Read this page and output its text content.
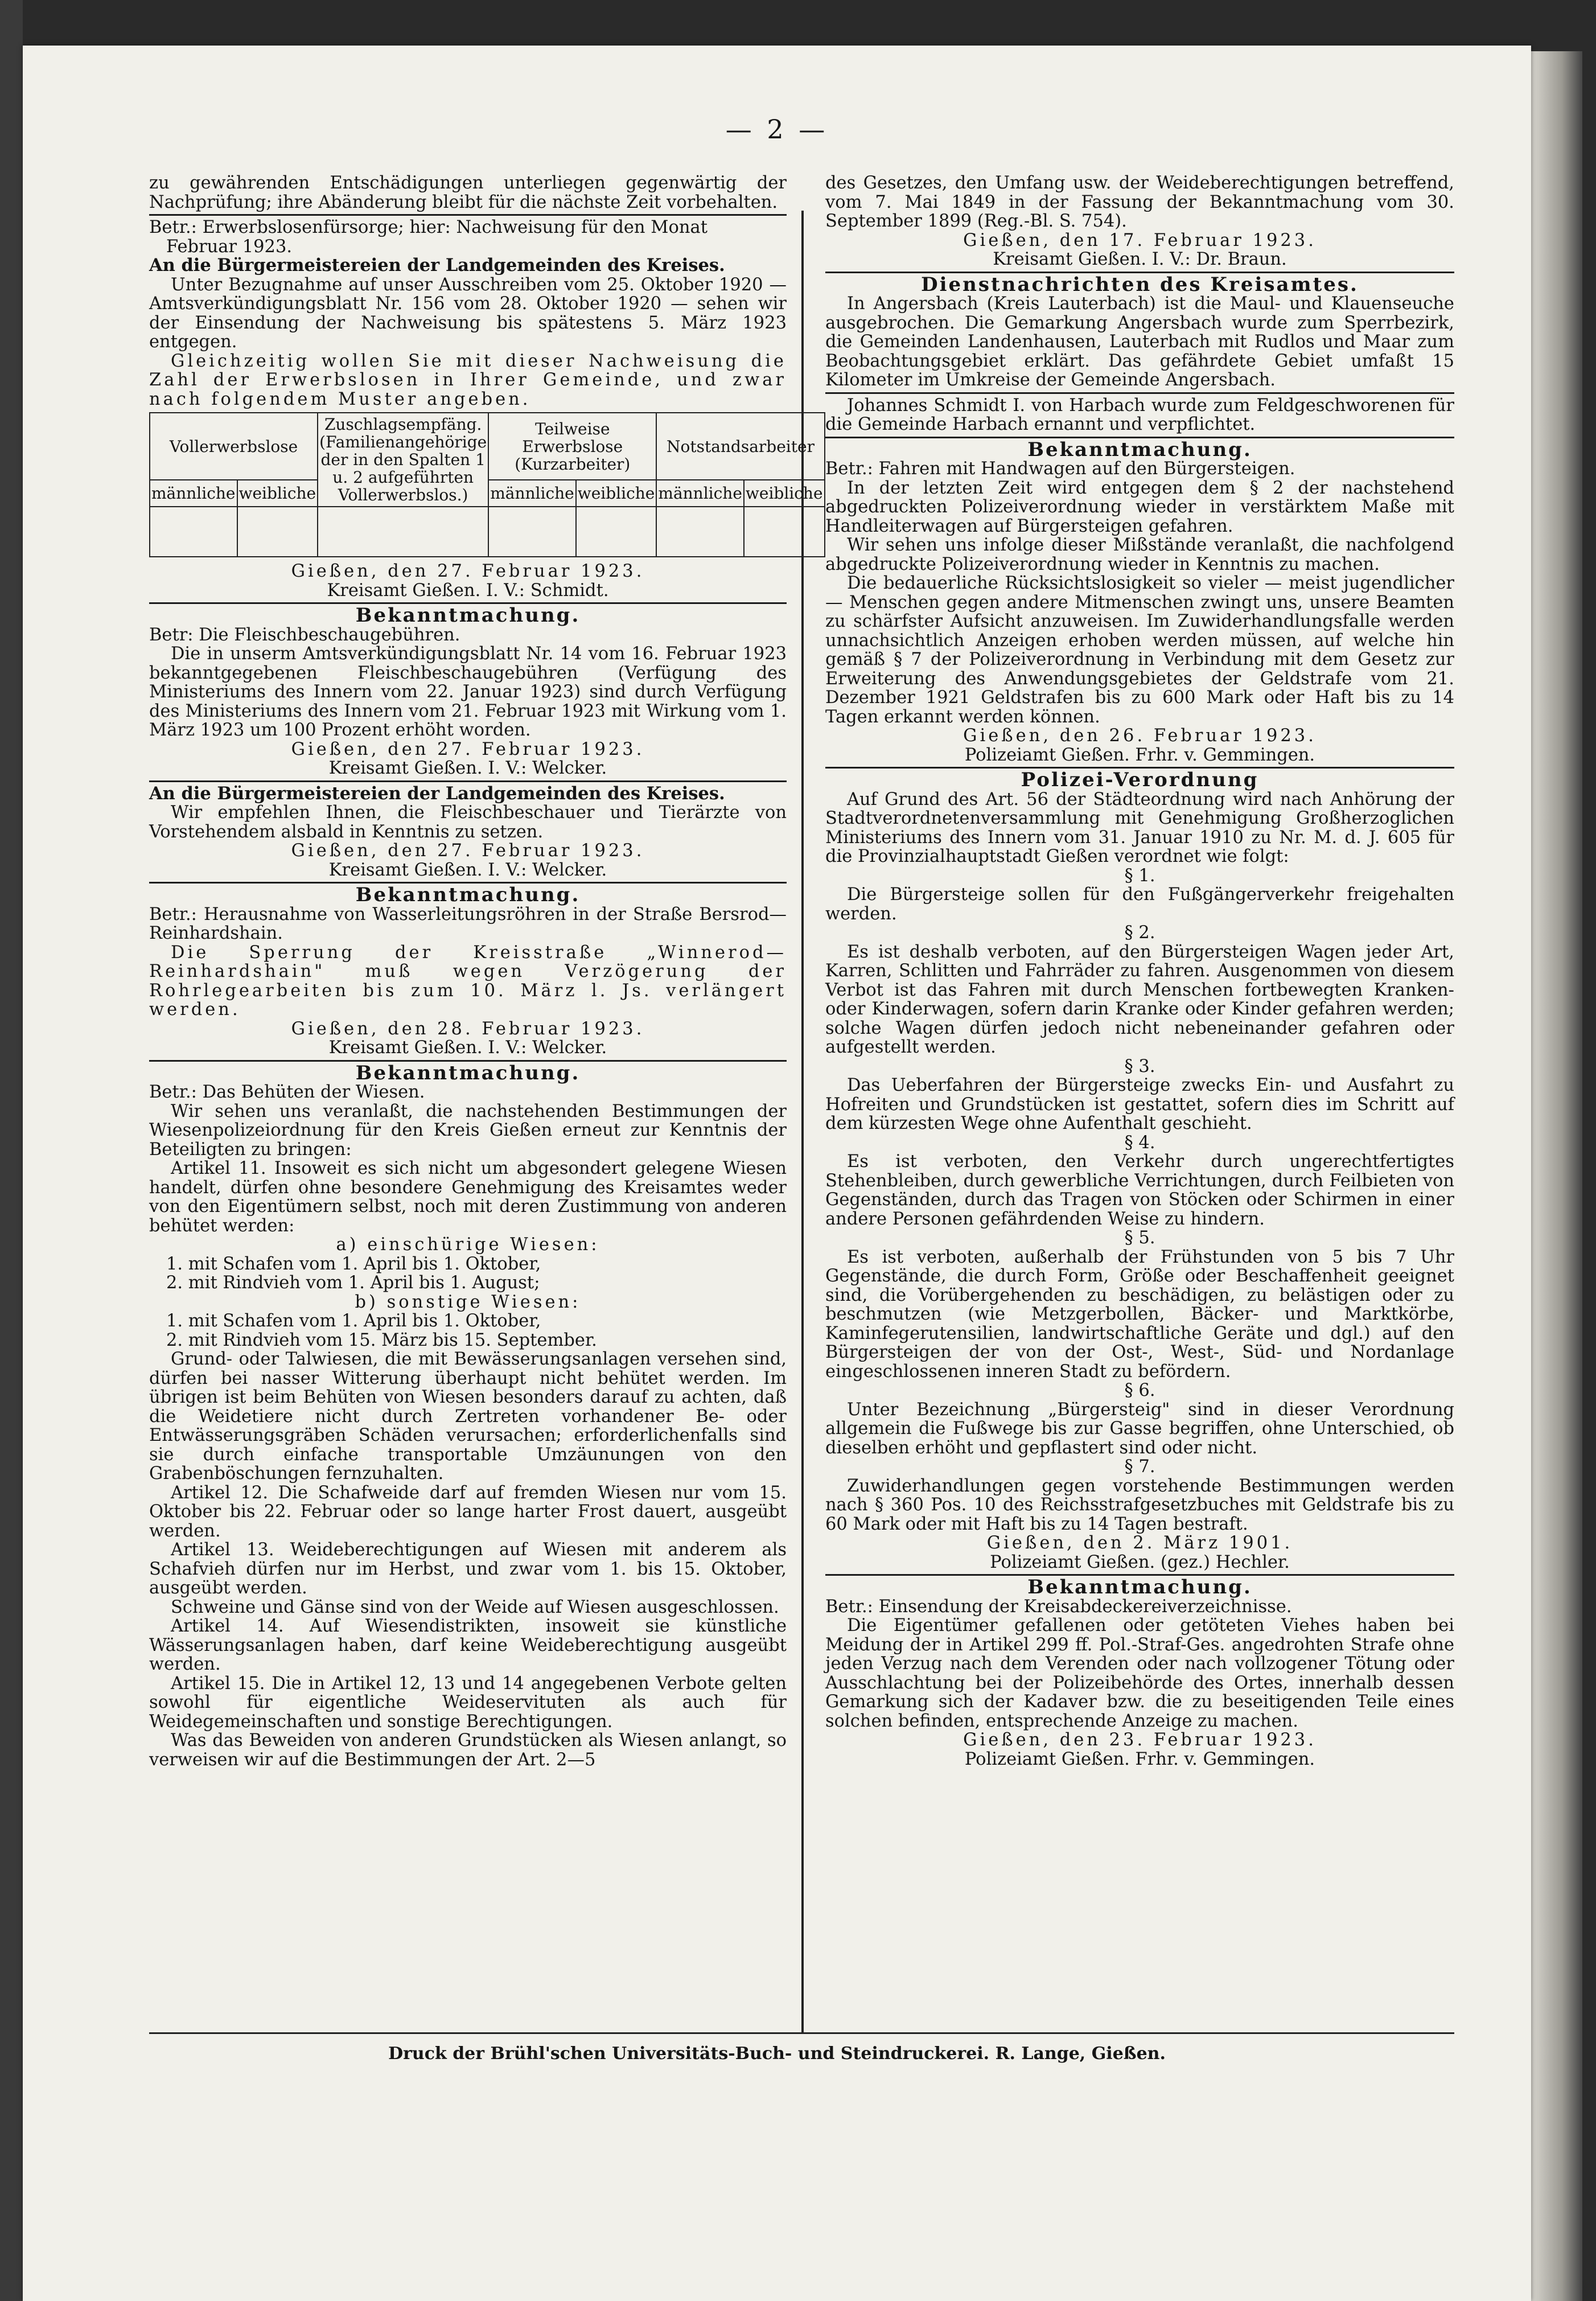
— 2 —
zu gewährenden Entschädigungen unterliegen gegenwärtig der Nachprüfung; ihre Abänderung bleibt für die nächste Zeit vorbehalten.
Betr.: Erwerbslosenfürsorge; hier: Nachweisung für den Monat
Februar 1923.
An die Bürgermeistereien der Landgemeinden des Kreises.
Unter Bezugnahme auf unser Ausschreiben vom 25. Oktober 1920 — Amtsverkündigungsblatt Nr. 156 vom 28. Oktober 1920 — sehen wir der Einsendung der Nachweisung bis spätestens 5. März 1923 entgegen.
Gleichzeitig wollen Sie mit dieser Nachweisung die Zahl der Erwerbslosen in Ihrer Gemeinde, und zwar nach folgendem Muster angeben.
Vollerwerbslose		Zuschlagsempfäng. (Familienangehörige der in den Spalten 1 u. 2 aufgeführten Vollerwerbslos.)	Teilweise Erwerbslose (Kurzarbeiter)		Notstandsarbeiter	
männliche	weibliche		männliche	weibliche	männliche	weibliche

Gießen, den 27. Februar 1923.
Kreisamt Gießen. I. V.: Schmidt.
Bekanntmachung.
Betr: Die Fleischbeschaugebühren.
Die in unserm Amtsverkündigungsblatt Nr. 14 vom 16. Februar 1923 bekanntgegebenen Fleischbeschaugebühren (Verfügung des Ministeriums des Innern vom 22. Januar 1923) sind durch Verfügung des Ministeriums des Innern vom 21. Februar 1923 mit Wirkung vom 1. März 1923 um 100 Prozent erhöht worden.
Gießen, den 27. Februar 1923.
Kreisamt Gießen. I. V.: Welcker.
An die Bürgermeistereien der Landgemeinden des Kreises.
Wir empfehlen Ihnen, die Fleischbeschauer und Tierärzte von Vorstehendem alsbald in Kenntnis zu setzen.
Gießen, den 27. Februar 1923.
Kreisamt Gießen. I. V.: Welcker.
Bekanntmachung.
Betr.: Herausnahme von Wasserleitungsröhren in der Straße Bersrod—Reinhardshain.
Die Sperrung der Kreisstraße „Winnerod—Reinhardshain" muß wegen Verzögerung der Rohrlegearbeiten bis zum 10. März l. Js. verlängert werden.
Gießen, den 28. Februar 1923.
Kreisamt Gießen. I. V.: Welcker.
Bekanntmachung.
Betr.: Das Behüten der Wiesen.
Wir sehen uns veranlaßt, die nachstehenden Bestimmungen der Wiesenpolizeiordnung für den Kreis Gießen erneut zur Kenntnis der Beteiligten zu bringen:
Artikel 11. Insoweit es sich nicht um abgesondert gelegene Wiesen handelt, dürfen ohne besondere Genehmigung des Kreisamtes weder von den Eigentümern selbst, noch mit deren Zustimmung von anderen behütet werden:
a) einschürige Wiesen:
1. mit Schafen vom 1. April bis 1. Oktober,
2. mit Rindvieh vom 1. April bis 1. August;
b) sonstige Wiesen:
1. mit Schafen vom 1. April bis 1. Oktober,
2. mit Rindvieh vom 15. März bis 15. September.
Grund- oder Talwiesen, die mit Bewässerungsanlagen versehen sind, dürfen bei nasser Witterung überhaupt nicht behütet werden. Im übrigen ist beim Behüten von Wiesen besonders darauf zu achten, daß die Weidetiere nicht durch Zertreten vorhandener Be- oder Entwässerungsgräben Schäden verursachen; erforderlichenfalls sind sie durch einfache transportable Umzäunungen von den Grabenböschungen fernzuhalten.
Artikel 12. Die Schafweide darf auf fremden Wiesen nur vom 15. Oktober bis 22. Februar oder so lange harter Frost dauert, ausgeübt werden.
Artikel 13. Weideberechtigungen auf Wiesen mit anderem als Schafvieh dürfen nur im Herbst, und zwar vom 1. bis 15. Oktober, ausgeübt werden.
Schweine und Gänse sind von der Weide auf Wiesen ausgeschlossen.
Artikel 14. Auf Wiesendistrikten, insoweit sie künstliche Wässerungsanlagen haben, darf keine Weideberechtigung ausgeübt werden.
Artikel 15. Die in Artikel 12, 13 und 14 angegebenen Verbote gelten sowohl für eigentliche Weideservituten als auch für Weidegemeinschaften und sonstige Berechtigungen.
Was das Beweiden von anderen Grundstücken als Wiesen anlangt, so verweisen wir auf die Bestimmungen der Art. 2—5
des Gesetzes, den Umfang usw. der Weideberechtigungen betreffend, vom 7. Mai 1849 in der Fassung der Bekanntmachung vom 30. September 1899 (Reg.-Bl. S. 754).
Gießen, den 17. Februar 1923.
Kreisamt Gießen. I. V.: Dr. Braun.
Dienstnachrichten des Kreisamtes.
In Angersbach (Kreis Lauterbach) ist die Maul- und Klauenseuche ausgebrochen. Die Gemarkung Angersbach wurde zum Sperrbezirk, die Gemeinden Landenhausen, Lauterbach mit Rudlos und Maar zum Beobachtungsgebiet erklärt. Das gefährdete Gebiet umfaßt 15 Kilometer im Umkreise der Gemeinde Angersbach.
Johannes Schmidt I. von Harbach wurde zum Feldgeschworenen für die Gemeinde Harbach ernannt und verpflichtet.
Bekanntmachung.
Betr.: Fahren mit Handwagen auf den Bürgersteigen.
In der letzten Zeit wird entgegen dem § 2 der nachstehend abgedruckten Polizeiverordnung wieder in verstärktem Maße mit Handleiterwagen auf Bürgersteigen gefahren.
Wir sehen uns infolge dieser Mißstände veranlaßt, die nachfolgend abgedruckte Polizeiverordnung wieder in Kenntnis zu machen.
Die bedauerliche Rücksichtslosigkeit so vieler — meist jugendlicher — Menschen gegen andere Mitmenschen zwingt uns, unsere Beamten zu schärfster Aufsicht anzuweisen. Im Zuwiderhandlungsfalle werden unnachsichtlich Anzeigen erhoben werden müssen, auf welche hin gemäß § 7 der Polizeiverordnung in Verbindung mit dem Gesetz zur Erweiterung des Anwendungsgebietes der Geldstrafe vom 21. Dezember 1921 Geldstrafen bis zu 600 Mark oder Haft bis zu 14 Tagen erkannt werden können.
Gießen, den 26. Februar 1923.
Polizeiamt Gießen. Frhr. v. Gemmingen.
Polizei-Verordnung
Auf Grund des Art. 56 der Städteordnung wird nach Anhörung der Stadtverordnetenversammlung mit Genehmigung Großherzoglichen Ministeriums des Innern vom 31. Januar 1910 zu Nr. M. d. J. 605 für die Provinzialhauptstadt Gießen verordnet wie folgt:
§ 1.
Die Bürgersteige sollen für den Fußgängerverkehr freigehalten werden.
§ 2.
Es ist deshalb verboten, auf den Bürgersteigen Wagen jeder Art, Karren, Schlitten und Fahrräder zu fahren. Ausgenommen von diesem Verbot ist das Fahren mit durch Menschen fortbewegten Kranken- oder Kinderwagen, sofern darin Kranke oder Kinder gefahren werden; solche Wagen dürfen jedoch nicht nebeneinander gefahren oder aufgestellt werden.
§ 3.
Das Ueberfahren der Bürgersteige zwecks Ein- und Ausfahrt zu Hofreiten und Grundstücken ist gestattet, sofern dies im Schritt auf dem kürzesten Wege ohne Aufenthalt geschieht.
§ 4.
Es ist verboten, den Verkehr durch ungerechtfertigtes Stehenbleiben, durch gewerbliche Verrichtungen, durch Feilbieten von Gegenständen, durch das Tragen von Stöcken oder Schirmen in einer andere Personen gefährdenden Weise zu hindern.
§ 5.
Es ist verboten, außerhalb der Frühstunden von 5 bis 7 Uhr Gegenstände, die durch Form, Größe oder Beschaffenheit geeignet sind, die Vorübergehenden zu beschädigen, zu belästigen oder zu beschmutzen (wie Metzgerbollen, Bäcker- und Marktkörbe, Kaminfegerutensilien, landwirtschaftliche Geräte und dgl.) auf den Bürgersteigen der von der Ost-, West-, Süd- und Nordanlage eingeschlossenen inneren Stadt zu befördern.
§ 6.
Unter Bezeichnung „Bürgersteig" sind in dieser Verordnung allgemein die Fußwege bis zur Gasse begriffen, ohne Unterschied, ob dieselben erhöht und gepflastert sind oder nicht.
§ 7.
Zuwiderhandlungen gegen vorstehende Bestimmungen werden nach § 360 Pos. 10 des Reichsstrafgesetzbuches mit Geldstrafe bis zu 60 Mark oder mit Haft bis zu 14 Tagen bestraft.
Gießen, den 2. März 1901.
Polizeiamt Gießen. (gez.) Hechler.
Bekanntmachung.
Betr.: Einsendung der Kreisabdeckereiverzeichnisse.
Die Eigentümer gefallenen oder getöteten Viehes haben bei Meidung der in Artikel 299 ff. Pol.-Straf-Ges. angedrohten Strafe ohne jeden Verzug nach dem Verenden oder nach vollzogener Tötung oder Ausschlachtung bei der Polizeibehörde des Ortes, innerhalb dessen Gemarkung sich der Kadaver bzw. die zu beseitigenden Teile eines solchen befinden, entsprechende Anzeige zu machen.
Gießen, den 23. Februar 1923.
Polizeiamt Gießen. Frhr. v. Gemmingen.
Druck der Brühl'schen Universitäts-Buch- und Steindruckerei. R. Lange, Gießen.
